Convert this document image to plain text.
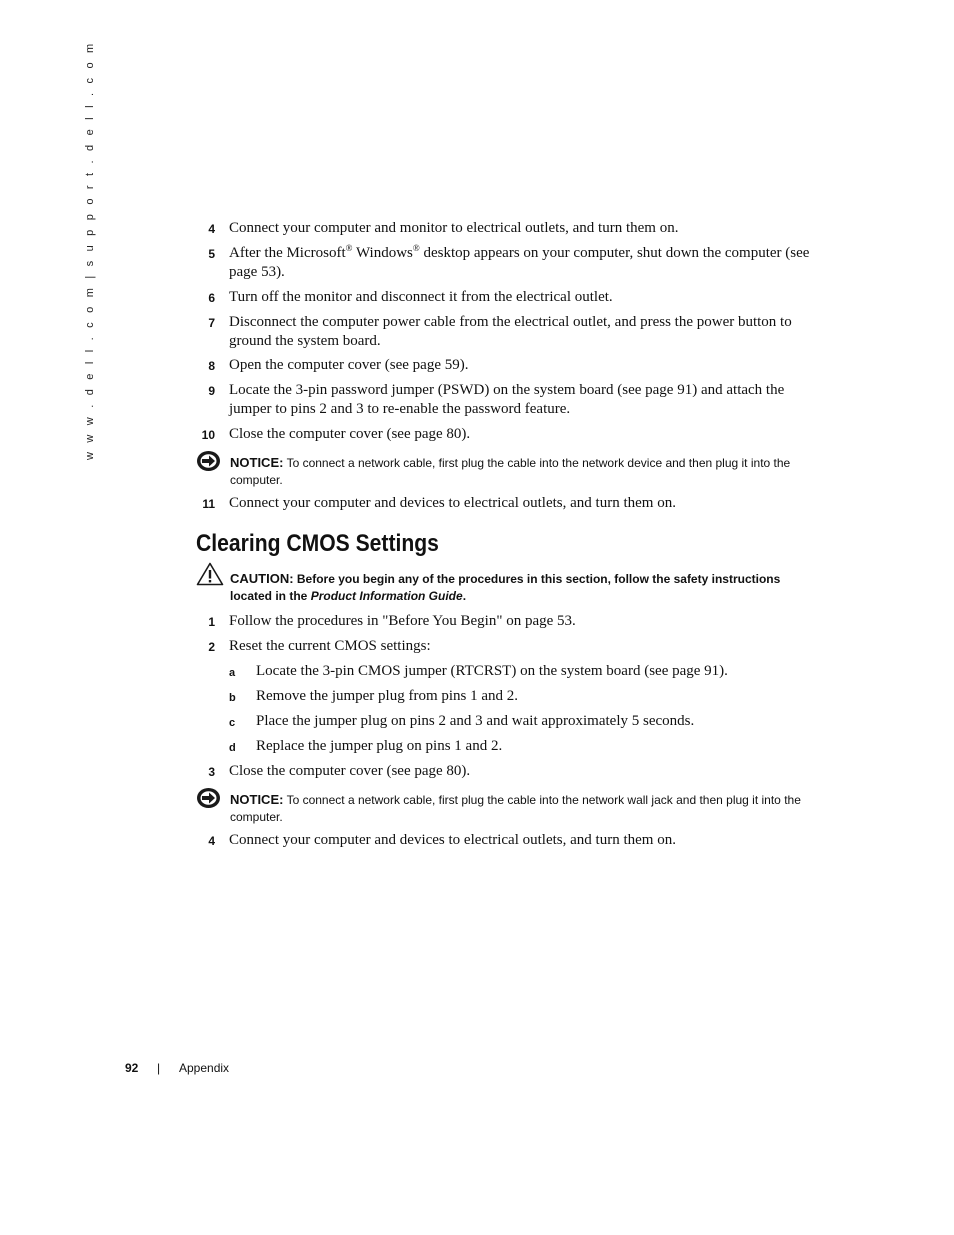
w w w . d e l l . c o m | s u p p o r t . d e l l . c o m	4 Connect your computer and monitor to electrical outlets, and turn them on.
5 After the Microsoft® Windows® desktop appears on your computer, shut down the computer (see page 53).
6 Turn off the monitor and disconnect it from the electrical outlet.
7 Disconnect the computer power cable from the electrical outlet, and press the power button to ground the system board.
8 Open the computer cover (see page 59).
9 Locate the 3-pin password jumper (PSWD) on the system board (see page 91) and attach the jumper to pins 2 and 3 to re-enable the password feature.
10 Close the computer cover (see page 80).
NOTICE: To connect a network cable, first plug the cable into the network device and then plug it into the computer.
11 Connect your computer and devices to electrical outlets, and turn them on.
Clearing CMOS Settings
CAUTION: Before you begin any of the procedures in this section, follow the safety instructions located in the Product Information Guide.
1 Follow the procedures in "Before You Begin" on page 53.
2 Reset the current CMOS settings:
a Locate the 3-pin CMOS jumper (RTCRST) on the system board (see page 91).
b Remove the jumper plug from pins 1 and 2.
c Place the jumper plug on pins 2 and 3 and wait approximately 5 seconds.
d Replace the jumper plug on pins 1 and 2.
3 Close the computer cover (see page 80).
NOTICE: To connect a network cable, first plug the cable into the network wall jack and then plug it into the computer.
4 Connect your computer and devices to electrical outlets, and turn them on.
92 | Appendix
